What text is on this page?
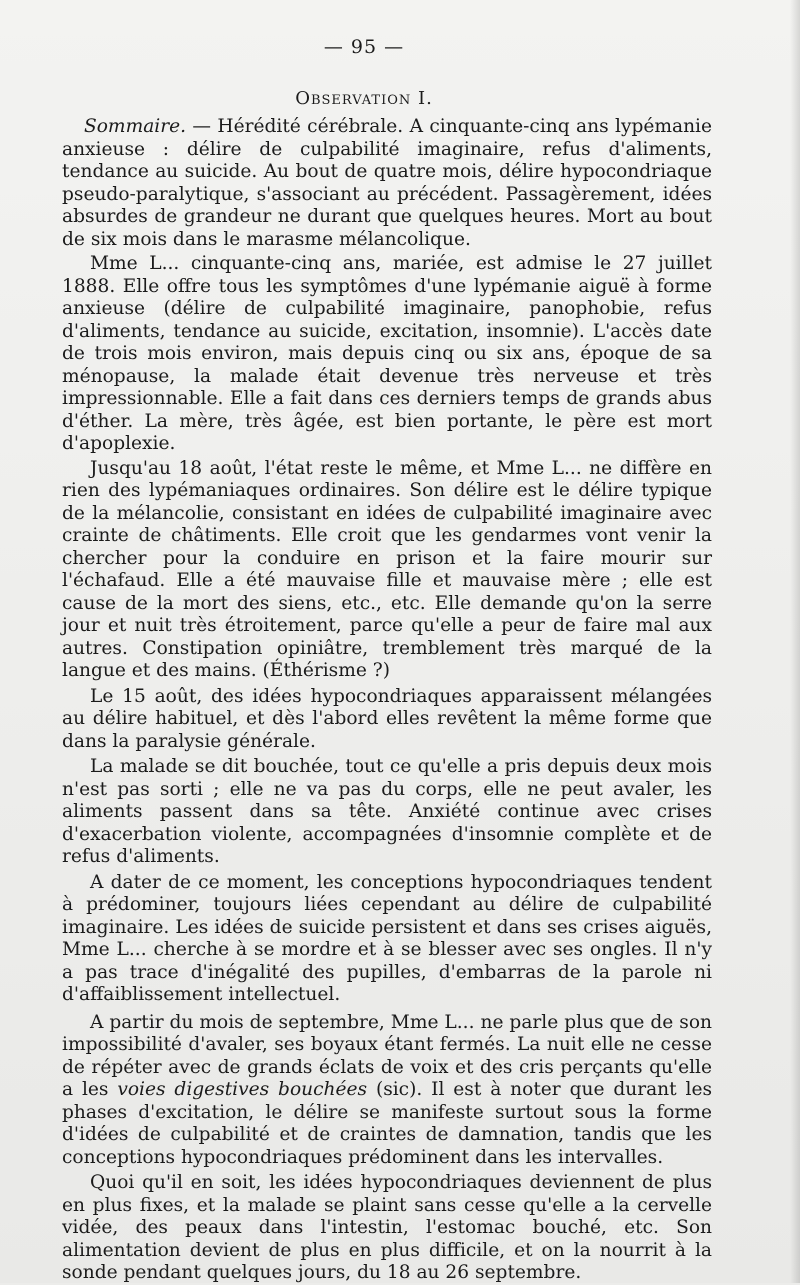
— 95 —
Observation I.

Sommaire. — Hérédité cérébrale. A cinquante-cinq ans lypémanie anxieuse : délire de culpabilité imaginaire, refus d'aliments, tendance au suicide. Au bout de quatre mois, délire hypocondriaque pseudo-paralytique, s'associant au précédent. Passagèrement, idées absurdes de grandeur ne durant que quelques heures. Mort au bout de six mois dans le marasme mélancolique.

Mme L... cinquante-cinq ans, mariée, est admise le 27 juillet 1888. Elle offre tous les symptômes d'une lypémanie aiguë à forme anxieuse (délire de culpabilité imaginaire, panophobie, refus d'aliments, tendance au suicide, excitation, insomnie). L'accès date de trois mois environ, mais depuis cinq ou six ans, époque de sa ménopause, la malade était devenue très nerveuse et très impressionnable. Elle a fait dans ces derniers temps de grands abus d'éther. La mère, très âgée, est bien portante, le père est mort d'apoplexie.

Jusqu'au 18 août, l'état reste le même, et Mme L... ne diffère en rien des lypémaniaques ordinaires. Son délire est le délire typique de la mélancolie, consistant en idées de culpabilité imaginaire avec crainte de châtiments. Elle croit que les gendarmes vont venir la chercher pour la conduire en prison et la faire mourir sur l'échafaud. Elle a été mauvaise fille et mauvaise mère ; elle est cause de la mort des siens, etc., etc. Elle demande qu'on la serre jour et nuit très étroitement, parce qu'elle a peur de faire mal aux autres. Constipation opiniâtre, tremblement très marqué de la langue et des mains. (Éthérisme ?)

Le 15 août, des idées hypocondriaques apparaissent mélangées au délire habituel, et dès l'abord elles revêtent la même forme que dans la paralysie générale.

La malade se dit bouchée, tout ce qu'elle a pris depuis deux mois n'est pas sorti ; elle ne va pas du corps, elle ne peut avaler, les aliments passent dans sa tête. Anxiété continue avec crises d'exacerbation violente, accompagnées d'insomnie complète et de refus d'aliments.

A dater de ce moment, les conceptions hypocondriaques tendent à prédominer, toujours liées cependant au délire de culpabilité imaginaire. Les idées de suicide persistent et dans ses crises aiguës, Mme L... cherche à se mordre et à se blesser avec ses ongles. Il n'y a pas trace d'inégalité des pupilles, d'embarras de la parole ni d'affaiblissement intellectuel.

A partir du mois de septembre, Mme L... ne parle plus que de son impossibilité d'avaler, ses boyaux étant fermés. La nuit elle ne cesse de répéter avec de grands éclats de voix et des cris perçants qu'elle a les voies digestives bouchées (sic). Il est à noter que durant les phases d'excitation, le délire se manifeste surtout sous la forme d'idées de culpabilité et de craintes de damnation, tandis que les conceptions hypocondriaques prédominent dans les intervalles.

Quoi qu'il en soit, les idées hypocondriaques deviennent de plus en plus fixes, et la malade se plaint sans cesse qu'elle a la cervelle vidée, des peaux dans l'intestin, l'estomac bouché, etc. Son alimentation devient de plus en plus difficile, et on la nourrit à la sonde pendant quelques jours, du 18 au 26 septembre.
